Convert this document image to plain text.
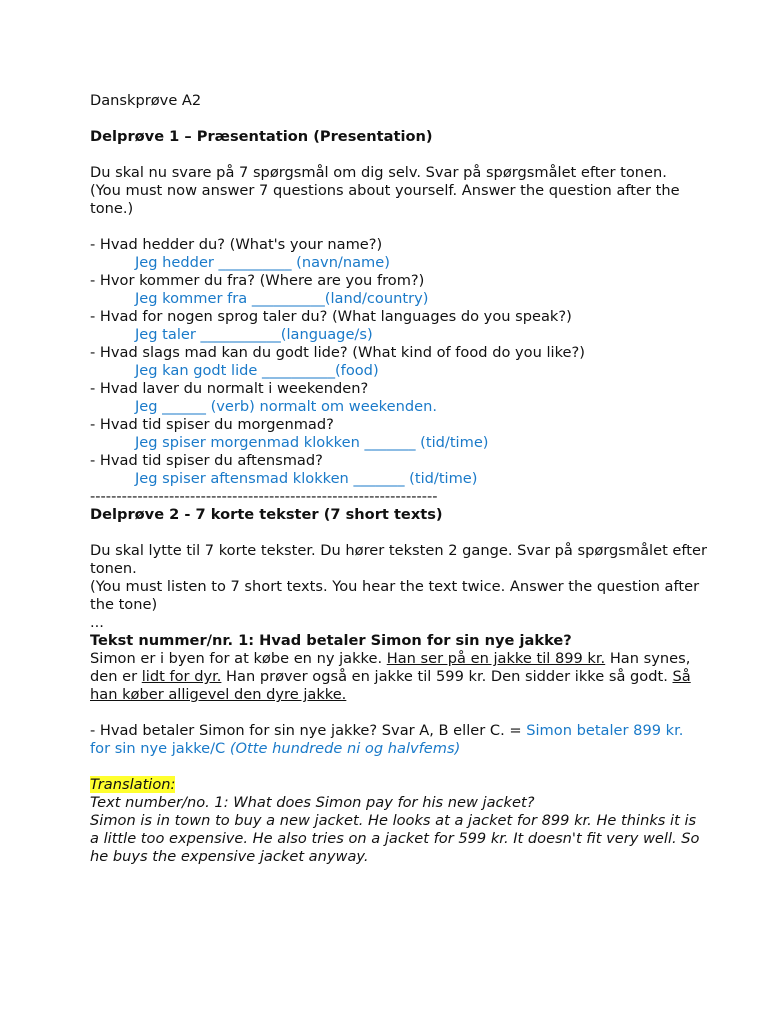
Danskprøve A2

Delprøve 1 – Præsentation (Presentation)

Du skal nu svare på 7 spørgsmål om dig selv. Svar på spørgsmålet efter tonen.

(You must now answer 7 questions about yourself. Answer the question after the tone.)

- Hvad hedder du? (What's your name?)

Jeg hedder __________ (navn/name)

- Hvor kommer du fra? (Where are you from?)

Jeg kommer fra __________(land/country)

- Hvad for nogen sprog taler du? (What languages do you speak?)

Jeg taler ___________(language/s)

- Hvad slags mad kan du godt lide? (What kind of food do you like?)

Jeg kan godt lide __________(food)

- Hvad laver du normalt i weekenden?

Jeg ______ (verb) normalt om weekenden.

- Hvad tid spiser du morgenmad?

Jeg spiser morgenmad klokken _______ (tid/time)

- Hvad tid spiser du aftensmad?

Jeg spiser aftensmad klokken _______ (tid/time)

------------------------------------------------------------------

Delprøve 2 - 7 korte tekster (7 short texts)

Du skal lytte til 7 korte tekster. Du hører teksten 2 gange. Svar på spørgsmålet efter tonen.

(You must listen to 7 short texts. You hear the text twice. Answer the question after the tone)

...

Tekst nummer/nr. 1: Hvad betaler Simon for sin nye jakke?

Simon er i byen for at købe en ny jakke. Han ser på en jakke til 899 kr. Han synes, den er lidt for dyr. Han prøver også en jakke til 599 kr. Den sidder ikke så godt. Så han køber alligevel den dyre jakke.

- Hvad betaler Simon for sin nye jakke? Svar A, B eller C. = Simon betaler 899 kr. for sin nye jakke/C (Otte hundrede ni og halvfems)

Translation:

Text number/no. 1: What does Simon pay for his new jacket?

Simon is in town to buy a new jacket. He looks at a jacket for 899 kr. He thinks it is a little too expensive. He also tries on a jacket for 599 kr. It doesn't fit very well. So he buys the expensive jacket anyway.
